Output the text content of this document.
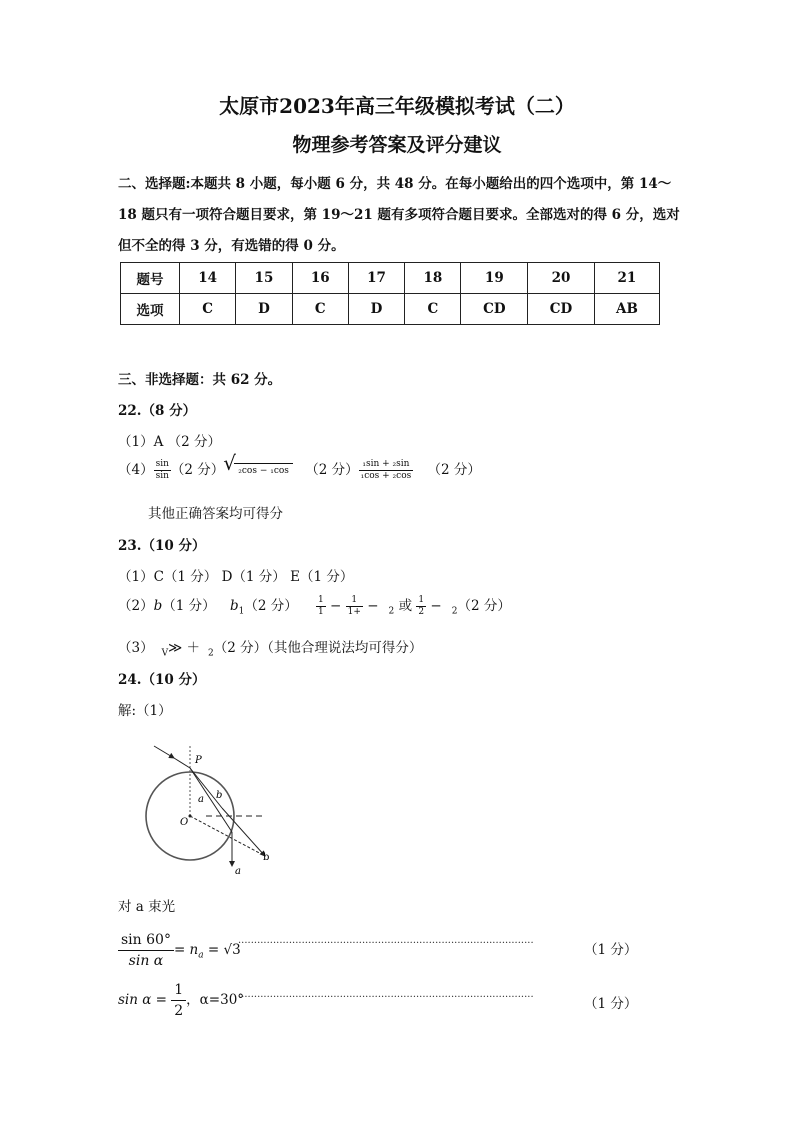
太原市2023年高三年级模拟考试（二）
物理参考答案及评分建议
二、选择题:本题共 8 小题，每小题 6 分，共 48 分。在每小题给出的四个选项中，第 14～
18 题只有一项符合题目要求，第 19～21 题有多项符合题目要求。全部选对的得 6 分，选对
但不全的得 3 分，有选错的得 0 分。
题号	14	15	16	17	18	19	20	21
选项	C	D	C	D	C	CD	CD	AB
三、非选择题：共 62 分。
22.（8 分）
（1）A （2 分）
$(4) \frac{\sin}{\sin} (2$ 分） √ ₂cos − ₁cos （2 分） $\frac{\text{₁sin + ₂sin}}{\text{₁cos + ₂cos}} (2$ 分）
其他正确答案均可得分
23.（10 分）
（1）C（1 分） D（1 分） E（1 分）
（2）b（1 分） $b_1(2$ 分） $\frac{1}{1} - \frac{1}{1+} - _2$ 或 $\frac{1}{2} - _2(2$ 分）
（3） $_V$≫ ＋ $_2$（2 分）（其他合理说法均可得分）
24.（10 分）
解:（1）
P
O
a b
b
a
对 a 束光
$\frac{\sin 60^\circ}{\text{sin α}} = n_a = √3$
·····························································································	（1 分）
$\sin \alpha = \frac{1}{2}$ ，α=30°
·····························································································	（1 分）
